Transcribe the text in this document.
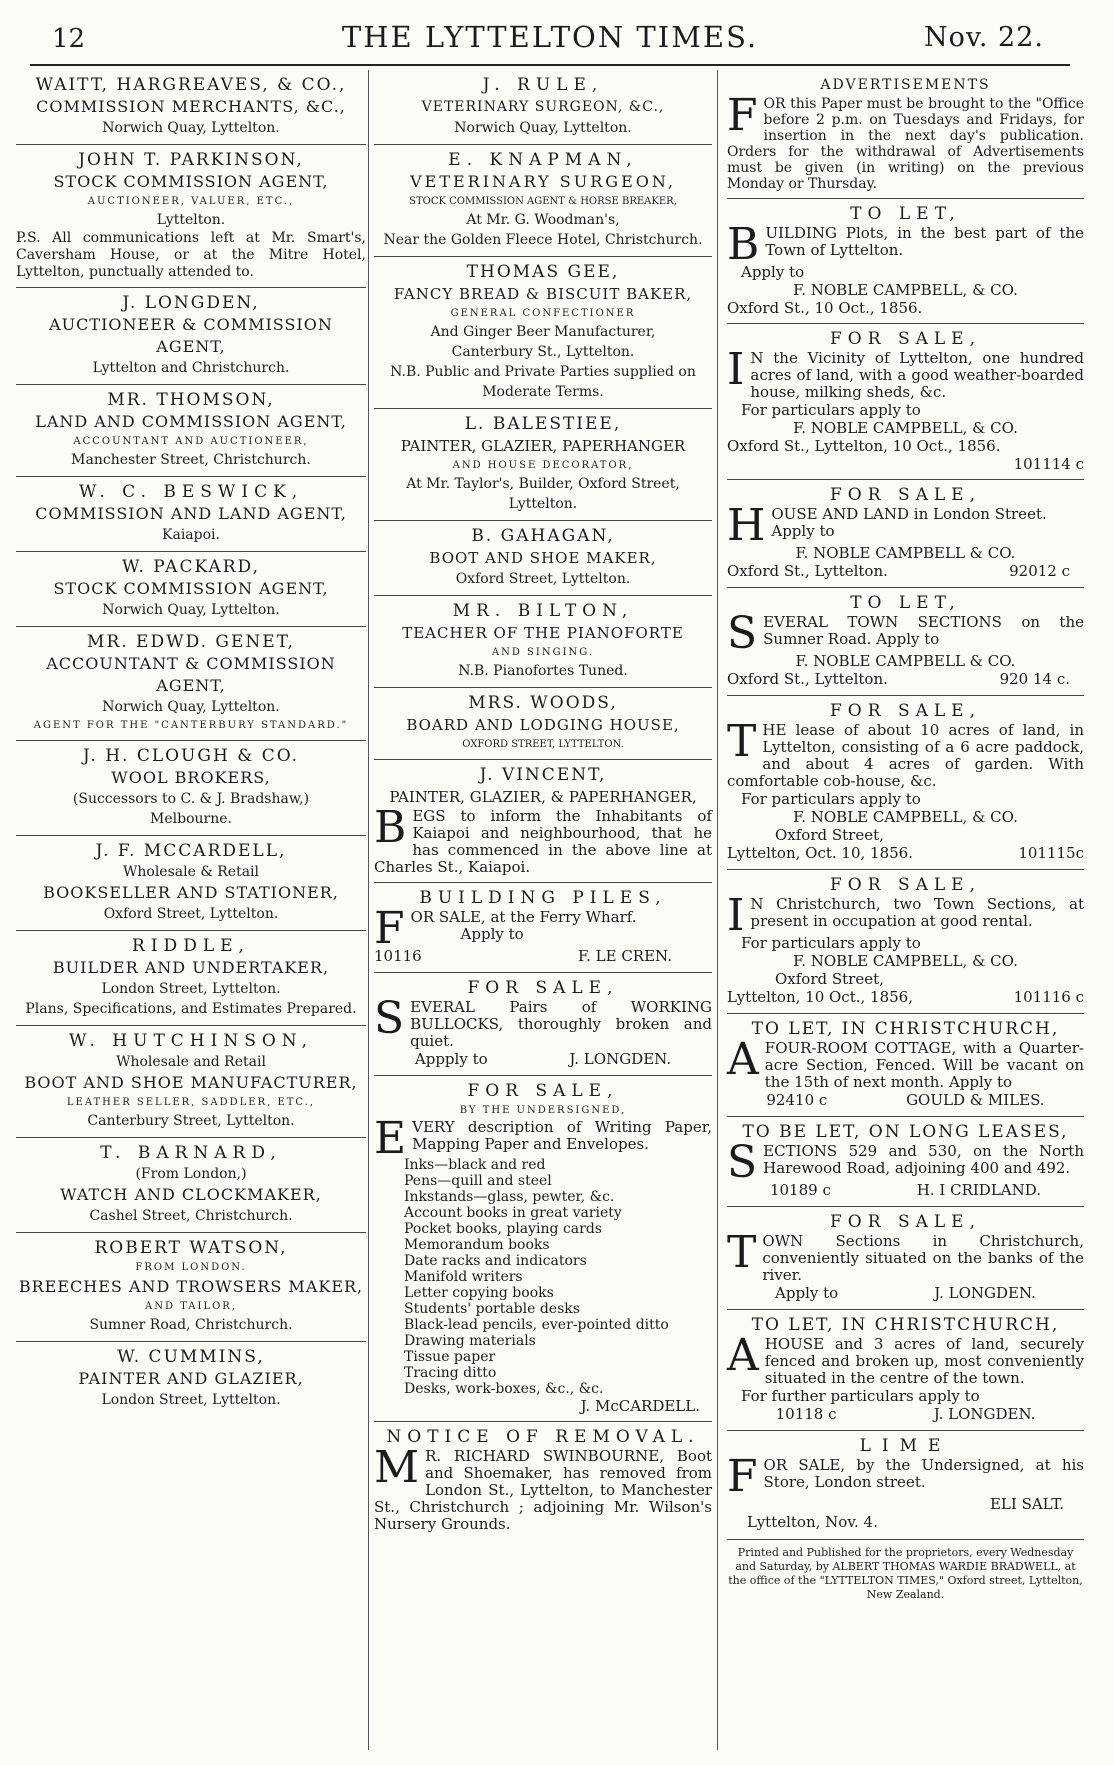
12	THE LYTTELTON TIMES.	Nov. 22.
WAITT, HARGREAVES, & CO.,
COMMISSION MERCHANTS, &C.,
Norwich Quay, Lyttelton.
JOHN T. PARKINSON,
STOCK COMMISSION AGENT,
AUCTIONEER, VALUER, ETC.,
Lyttelton.
P.S. All communications left at Mr. Smart's, Caversham House, or at the Mitre Hotel, Lyttelton, punctually attended to.
J. LONGDEN,
AUCTIONEER & COMMISSION AGENT,
Lyttelton and Christchurch.
MR. THOMSON,
LAND AND COMMISSION AGENT,
ACCOUNTANT AND AUCTIONEER,
Manchester Street, Christchurch.
W. C. BESWICK,
COMMISSION AND LAND AGENT,
Kaiapoi.
W. PACKARD,
STOCK COMMISSION AGENT,
Norwich Quay, Lyttelton.
MR. EDWD. GENET,
ACCOUNTANT & COMMISSION AGENT,
Norwich Quay, Lyttelton.
AGENT FOR THE "CANTERBURY STANDARD."
J. H. CLOUGH & CO.
WOOL BROKERS,
(Successors to C. & J. Bradshaw,)
Melbourne.
J. F. MCCARDELL,
Wholesale & Retail
BOOKSELLER AND STATIONER,
Oxford Street, Lyttelton.
RIDDLE,
BUILDER AND UNDERTAKER,
London Street, Lyttelton.
Plans, Specifications, and Estimates Prepared.
W. HUTCHINSON,
Wholesale and Retail
BOOT AND SHOE MANUFACTURER,
LEATHER SELLER, SADDLER, ETC.,
Canterbury Street, Lyttelton.
T. BARNARD,
(From London,)
WATCH AND CLOCKMAKER,
Cashel Street, Christchurch.
ROBERT WATSON,
FROM LONDON.
BREECHES AND TROWSERS MAKER,
AND TAILOR,
Sumner Road, Christchurch.
W. CUMMINS,
PAINTER AND GLAZIER,
London Street, Lyttelton.
J. RULE,
VETERINARY SURGEON, &C.,
Norwich Quay, Lyttelton.
E. KNAPMAN,
VETERINARY SURGEON,
STOCK COMMISSION AGENT & HORSE BREAKER,
At Mr. G. Woodman's,
Near the Golden Fleece Hotel, Christchurch.
THOMAS GEE,
FANCY BREAD & BISCUIT BAKER,
GENERAL CONFECTIONER
And Ginger Beer Manufacturer,
Canterbury St., Lyttelton.
N.B. Public and Private Parties supplied on Moderate Terms.
L. BALESTIEE,
PAINTER, GLAZIER, PAPERHANGER
AND HOUSE DECORATOR,
At Mr. Taylor's, Builder, Oxford Street,
Lyttelton.
B. GAHAGAN,
BOOT AND SHOE MAKER,
Oxford Street, Lyttelton.
MR. BILTON,
TEACHER OF THE PIANOFORTE
AND SINGING.
N.B. Pianofortes Tuned.
MRS. WOODS,
BOARD AND LODGING HOUSE,
OXFORD STREET, LYTTELTON.
J. VINCENT,
PAINTER, GLAZIER, & PAPERHANGER,
BEGS to inform the Inhabitants of Kaiapoi and neighbourhood, that he has commenced in the above line at Charles St., Kaiapoi.
BUILDING PILES,
FOR SALE, at the Ferry Wharf.
Apply to
10116	F. LE CREN.
FOR SALE,
SEVERAL Pairs of WORKING BULLOCKS, thoroughly broken and quiet.
Appply to	J. LONGDEN.
FOR SALE,
BY THE UNDERSIGNED,
EVERY description of Writing Paper, Mapping Paper and Envelopes.
Inks—black and red
Pens—quill and steel
Inkstands—glass, pewter, &c.
Account books in great variety
Pocket books, playing cards
Memorandum books
Date racks and indicators
Manifold writers
Letter copying books
Students' portable desks
Black-lead pencils, ever-pointed ditto
Drawing materials
Tissue paper
Tracing ditto
Desks, work-boxes, &c., &c.
J. McCARDELL.
NOTICE OF REMOVAL.
M R. RICHARD SWINBOURNE, Boot and Shoemaker, has removed from London St., Lyttelton, to Manchester St., Christchurch ; adjoining Mr. Wilson's Nursery Grounds.
ADVERTISEMENTS
FOR this Paper must be brought to the "Office before 2 p.m. on Tuesdays and Fridays, for insertion in the next day's publication. Orders for the withdrawal of Advertisements must be given (in writing) on the previous Monday or Thursday.
TO LET,
BUILDING Plots, in the best part of the Town of Lyttelton.
Apply to
F. NOBLE CAMPBELL, & CO.
Oxford St., 10 Oct., 1856.
FOR SALE,
I N the Vicinity of Lyttelton, one hundred acres of land, with a good weather-boarded house, milking sheds, &c.
For particulars apply to
F. NOBLE CAMPBELL, & CO.
Oxford St., Lyttelton, 10 Oct., 1856.
101114 c
FOR SALE,
HOUSE AND LAND in London Street.
Apply to
F. NOBLE CAMPBELL & CO.
Oxford St., Lyttelton.	92012 c
TO LET,
SEVERAL TOWN SECTIONS on the Sumner Road. Apply to
F. NOBLE CAMPBELL & CO.
Oxford St., Lyttelton.	920 14 c.
FOR SALE,
THE lease of about 10 acres of land, in Lyttelton, consisting of a 6 acre paddock, and about 4 acres of garden. With comfortable cob-house, &c.
For particulars apply to
F. NOBLE CAMPBELL, & CO.
Oxford Street,
Lyttelton, Oct. 10, 1856.	101115c
FOR SALE,
I N Christchurch, two Town Sections, at present in occupation at good rental.
For particulars apply to
F. NOBLE CAMPBELL, & CO.
Oxford Street,
Lyttelton, 10 Oct., 1856,	101116 c
TO LET, IN CHRISTCHURCH,
AFOUR-ROOM COTTAGE, with a Quarter-acre Section, Fenced. Will be vacant on the 15th of next month. Apply to
92410 c	GOULD & MILES.
TO BE LET, ON LONG LEASES,
SECTIONS 529 and 530, on the North Harewood Road, adjoining 400 and 492.
10189 c	H. I CRIDLAND.
FOR SALE,
TOWN Sections in Christchurch, conveniently situated on the banks of the river.
Apply to	J. LONGDEN.
TO LET, IN CHRISTCHURCH,
AHOUSE and 3 acres of land, securely fenced and broken up, most conveniently situated in the centre of the town.
For further particulars apply to
10118 c	J. LONGDEN.
LIME
FOR SALE, by the Undersigned, at his Store, London street.
ELI SALT.
Lyttelton, Nov. 4.
Printed and Published for the proprietors, every Wednesday and Saturday, by ALBERT THOMAS WARDIE BRADWELL, at the office of the "LYTTELTON TIMES," Oxford street, Lyttelton, New Zealand.
